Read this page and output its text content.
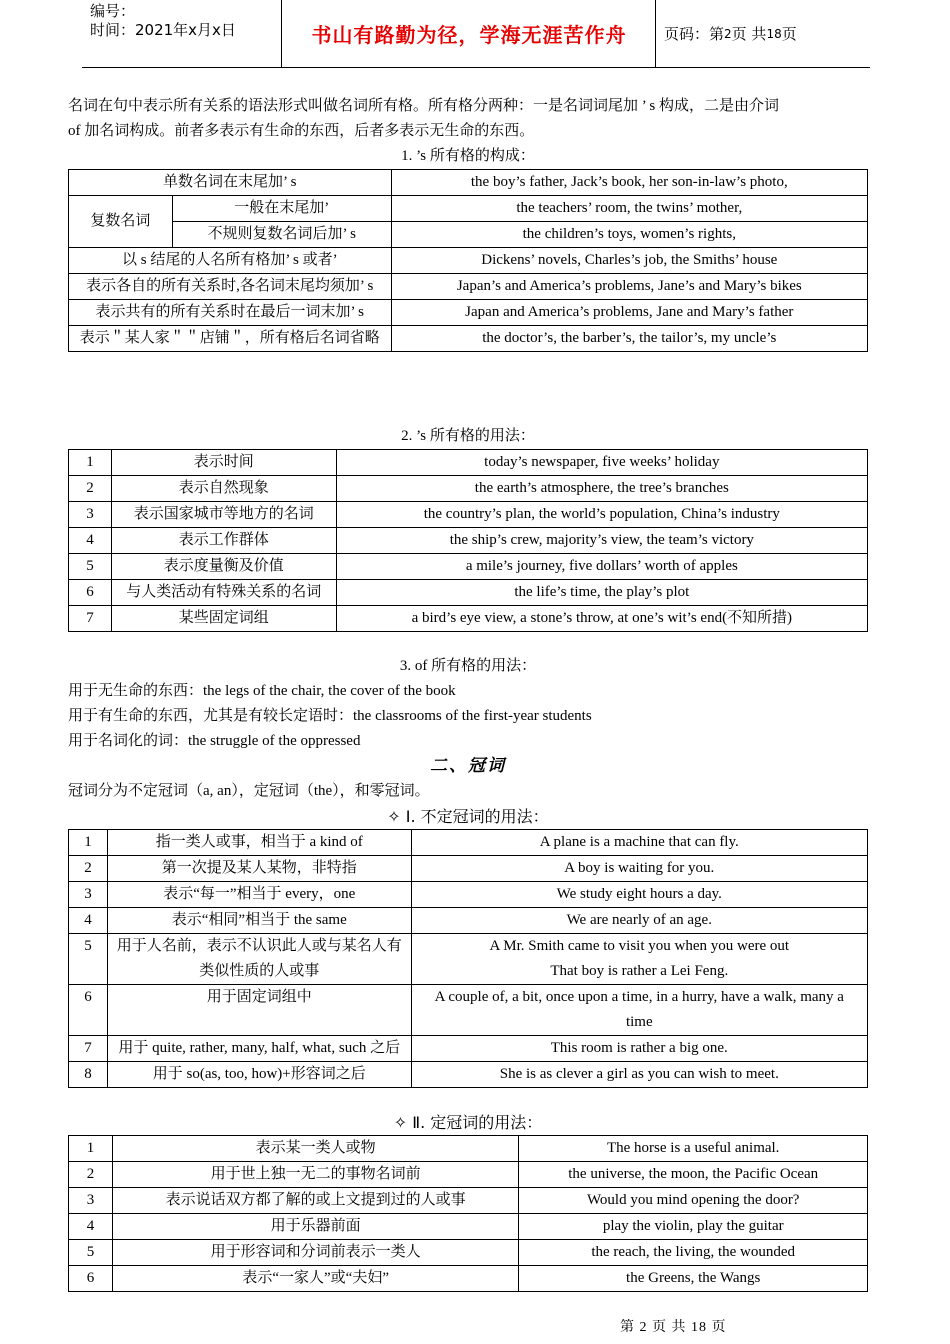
编号：
时间：2021年x月x日	书山有路勤为径，学海无涯苦作舟	页码：第 2 页 共 18 页
名词在句中表示所有关系的语法形式叫做名词所有格。所有格分两种：一是名词词尾加 ’ s 构成，二是由介词
of 加名词构成。前者多表示有生命的东西，后者多表示无生命的东西。
1. ’s 所有格的构成：
单数名词在末尾加’ s		the boy’s father, Jack’s book, her son-in-law’s photo,
复数名词	一般在末尾加’	the teachers’ room, the twins’ mother,
	不规则复数名词后加’ s	the children’s toys, women’s rights,
以 s 结尾的人名所有格加’ s 或者’		Dickens’ novels, Charles’s job, the Smiths’ house
表示各自的所有关系时,各名词末尾均须加’ s		Japan’s and America’s problems, Jane’s and Mary’s bikes
表示共有的所有关系时在最后一词末加’ s		Japan and America’s problems, Jane and Mary’s father
表示＂某人家＂＂店铺＂，所有格后名词省略		the doctor’s, the barber’s, the tailor’s, my uncle’s
2. ’s 所有格的用法：
1	表示时间	today’s newspaper, five weeks’ holiday
2	表示自然现象	the earth’s atmosphere, the tree’s branches
3	表示国家城市等地方的名词	the country’s plan, the world’s population, China’s industry
4	表示工作群体	the ship’s crew, majority’s view, the team’s victory
5	表示度量衡及价值	a mile’s journey, five dollars’ worth of apples
6	与人类活动有特殊关系的名词	the life’s time, the play’s plot
7	某些固定词组	a bird’s eye view, a stone’s throw, at one’s wit’s end(不知所措)
3. of 所有格的用法：
用于无生命的东西：the legs of the chair, the cover of the book
用于有生命的东西，尤其是有较长定语时：the classrooms of the first-year students
用于名词化的词：the struggle of the oppressed
二、冠词
冠词分为不定冠词（a, an），定冠词（the），和零冠词。
✧ Ⅰ. 不定冠词的用法：
1	指一类人或事，相当于 a kind of	A plane is a machine that can fly.
2	第一次提及某人某物，非特指	A boy is waiting for you.
3	表示“每一”相当于 every，one	We study eight hours a day.
4	表示“相同”相当于 the same	We are nearly of an age.
5	用于人名前，表示不认识此人或与某名人有类似性质的人或事	A Mr. Smith came to visit you when you were out
That boy is rather a Lei Feng.

6	用于固定词组中	A couple of, a bit, once upon a time, in a hurry, have a walk, many a time
7	用于 quite, rather, many, half, what, such 之后	This room is rather a big one.
8	用于 so(as, too, how)+形容词之后	She is as clever a girl as you can wish to meet.
✧ Ⅱ. 定冠词的用法：
1	表示某一类人或物	The horse is a useful animal.
2	用于世上独一无二的事物名词前	the universe, the moon, the Pacific Ocean
3	表示说话双方都了解的或上文提到过的人或事	Would you mind opening the door?
4	用于乐器前面	play the violin, play the guitar
5	用于形容词和分词前表示一类人	the reach, the living, the wounded
6	表示“一家人”或“夫妇”	the Greens, the Wangs
第 2 页 共 18 页
